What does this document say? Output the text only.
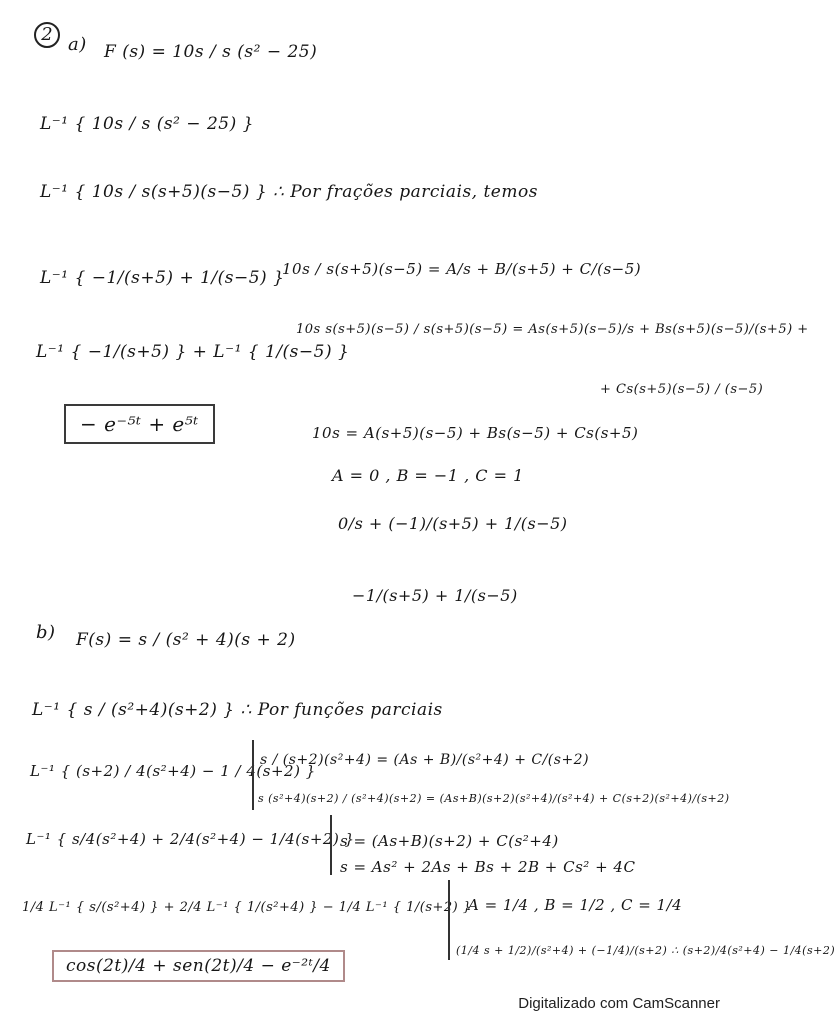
2 a) F (s) = 10s / s (s² − 25)
L⁻¹ { 10s / s (s² − 25) }
L⁻¹ { 10s / s(s+5)(s−5) } ∴ Por frações parciais, temos
L⁻¹ { −1/(s+5) + 1/(s−5) }
L⁻¹ { −1/(s+5) } + L⁻¹ { 1/(s−5) }
− e⁻⁵ᵗ + e⁵ᵗ
10s / s(s+5)(s−5) = A/s + B/(s+5) + C/(s−5)
10s s(s+5)(s−5) / s(s+5)(s−5) = As(s+5)(s−5)/s + Bs(s+5)(s−5)/(s+5) +
+ Cs(s+5)(s−5) / (s−5)
10s = A(s+5)(s−5) + Bs(s−5) + Cs(s+5)
A = 0 , B = −1 , C = 1
0/s + (−1)/(s+5) + 1/(s−5)
−1/(s+5) + 1/(s−5)
b) F(s) = s / (s² + 4)(s + 2)
L⁻¹ { s / (s²+4)(s+2) } ∴ Por funções parciais
L⁻¹ { (s+2) / 4(s²+4) − 1 / 4(s+2) }
L⁻¹ { s/4(s²+4) + 2/4(s²+4) − 1/4(s+2) }
1/4 L⁻¹ { s/(s²+4) } + 2/4 L⁻¹ { 1/(s²+4) } − 1/4 L⁻¹ { 1/(s+2) }
cos(2t)/4 + sen(2t)/4 − e⁻²ᵗ/4
s / (s+2)(s²+4) = (As + B)/(s²+4) + C/(s+2)
s (s²+4)(s+2) / (s²+4)(s+2) = (As+B)(s+2)(s²+4)/(s²+4) + C(s+2)(s²+4)/(s+2)
s = (As+B)(s+2) + C(s²+4)
s = As² + 2As + Bs + 2B + Cs² + 4C
A = 1/4 , B = 1/2 , C = 1/4
(1/4 s + 1/2)/(s²+4) + (−1/4)/(s+2) ∴ (s+2)/4(s²+4) − 1/4(s+2)
Digitalizado com CamScanner
